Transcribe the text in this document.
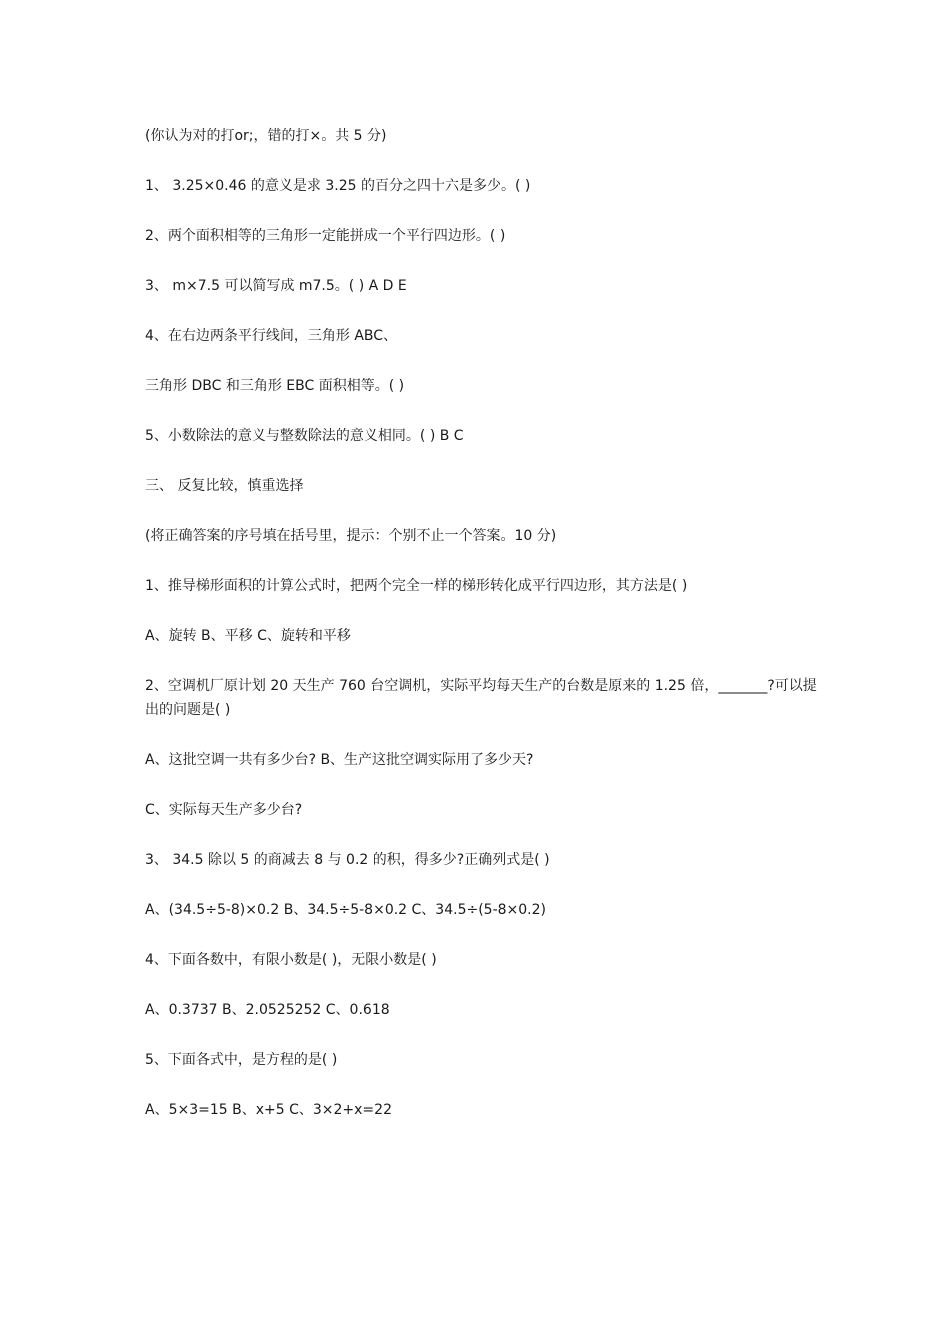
(你认为对的打or;，错的打×。共 5 分)
1、 3.25×0.46 的意义是求 3.25 的百分之四十六是多少。( )
2、两个面积相等的三角形一定能拼成一个平行四边形。( )
3、 m×7.5 可以简写成 m7.5。( ) A D E
4、在右边两条平行线间，三角形 ABC、
三角形 DBC 和三角形 EBC 面积相等。( )
5、小数除法的意义与整数除法的意义相同。( ) B C
三、 反复比较，慎重选择
(将正确答案的序号填在括号里，提示：个别不止一个答案。10 分)
1、推导梯形面积的计算公式时，把两个完全一样的梯形转化成平行四边形，其方法是( )
A、旋转 B、平移 C、旋转和平移
2、空调机厂原计划 20 天生产 760 台空调机，实际平均每天生产的台数是原来的 1.25 倍，_______?可以提出的问题是( )
A、这批空调一共有多少台? B、生产这批空调实际用了多少天?
C、实际每天生产多少台?
3、 34.5 除以 5 的商减去 8 与 0.2 的积，得多少?正确列式是( )
A、(34.5÷5-8)×0.2 B、34.5÷5-8×0.2 C、34.5÷(5-8×0.2)
4、下面各数中，有限小数是( )，无限小数是( )
A、0.3737 B、2.0525252 C、0.618
5、下面各式中，是方程的是( )
A、5×3=15 B、x+5 C、3×2+x=22
